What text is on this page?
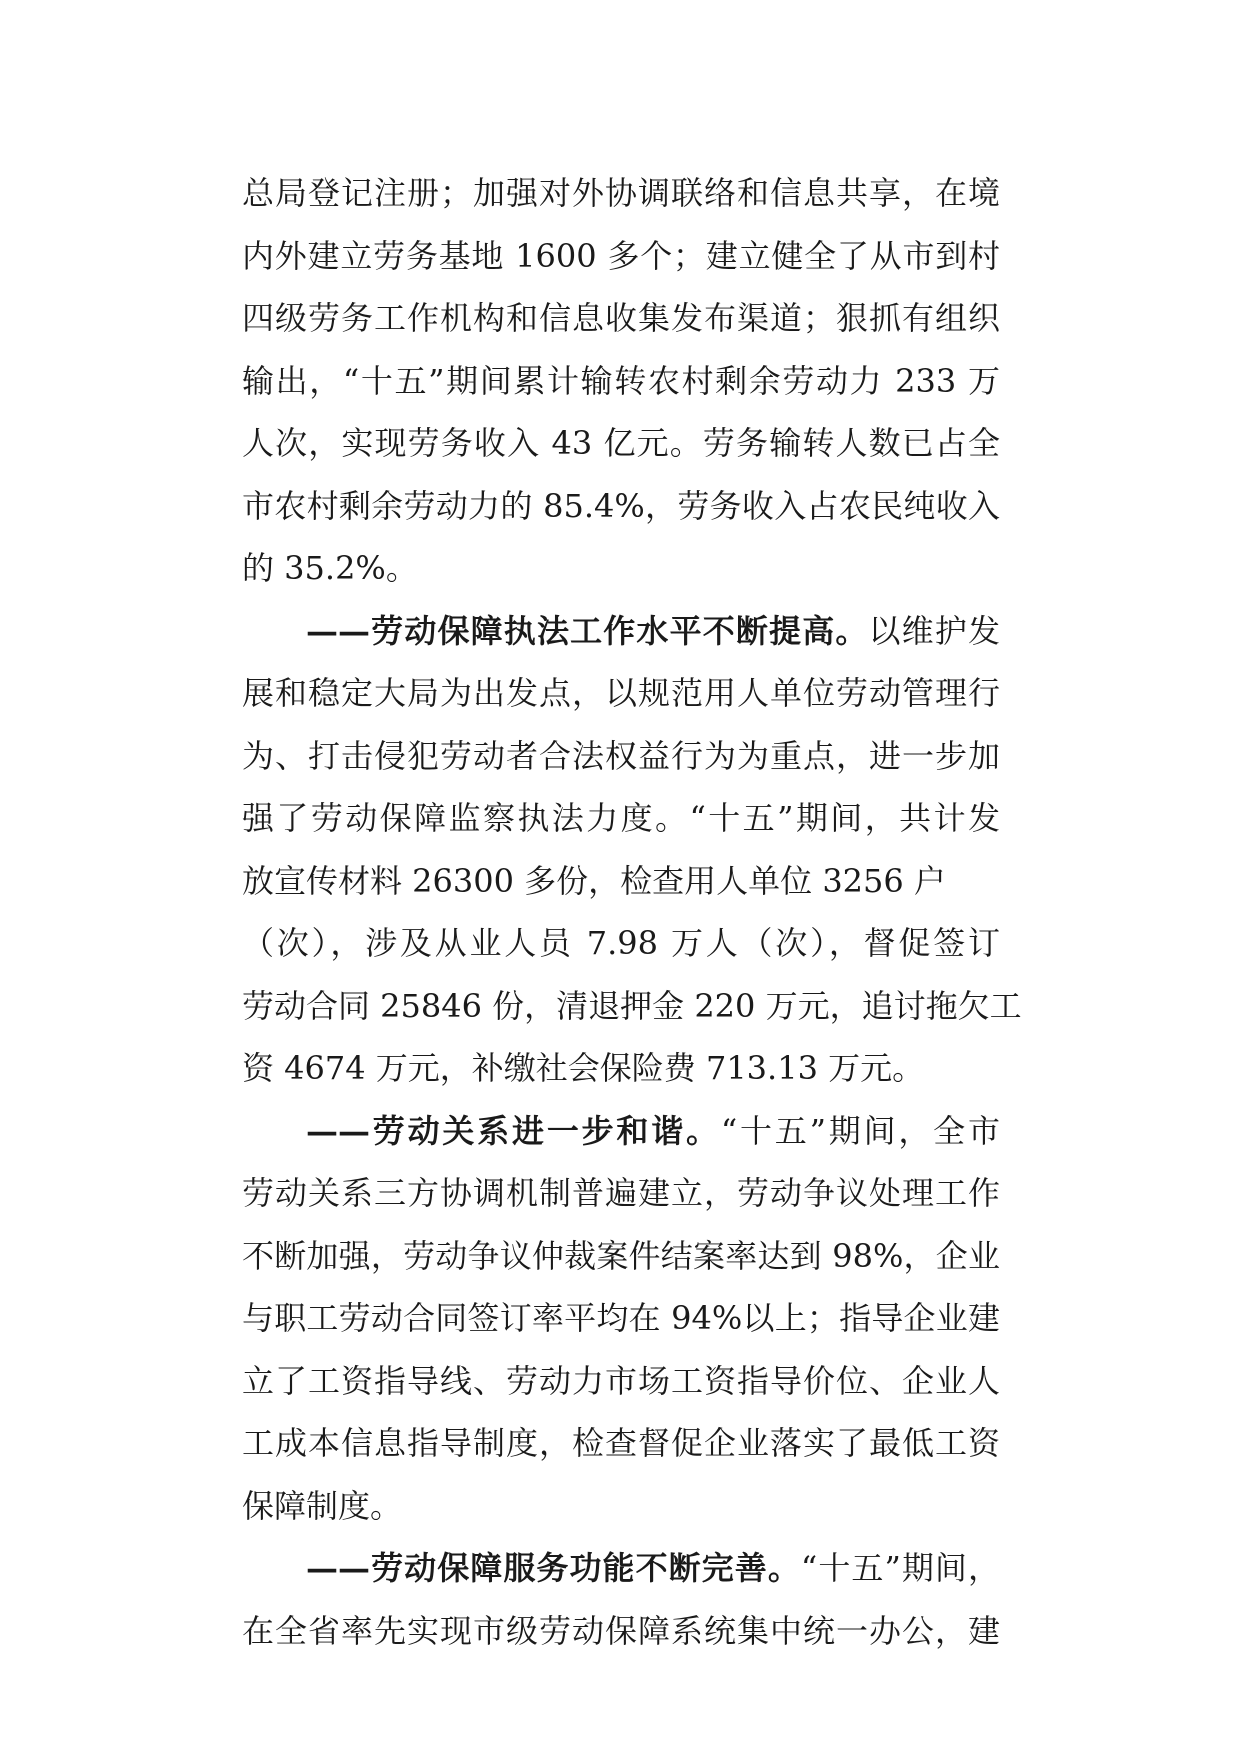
总局登记注册；加强对外协调联络和信息共享，在境
内外建立劳务基地 1600 多个；建立健全了从市到村
四级劳务工作机构和信息收集发布渠道；狠抓有组织
输出，“十五”期间累计输转农村剩余劳动力 233 万
人次，实现劳务收入 43 亿元。劳务输转人数已占全
市农村剩余劳动力的 85.4%，劳务收入占农民纯收入
的 35.2%。
——劳动保障执法工作水平不断提高。以维护发
展和稳定大局为出发点，以规范用人单位劳动管理行
为、打击侵犯劳动者合法权益行为为重点，进一步加
强了劳动保障监察执法力度。“十五”期间，共计发
放宣传材料 26300 多份，检查用人单位 3256 户
（次），涉及从业人员 7.98 万人（次），督促签订
劳动合同 25846 份，清退押金 220 万元，追讨拖欠工
资 4674 万元，补缴社会保险费 713.13 万元。
——劳动关系进一步和谐。“十五”期间，全市
劳动关系三方协调机制普遍建立，劳动争议处理工作
不断加强，劳动争议仲裁案件结案率达到 98%，企业
与职工劳动合同签订率平均在 94%以上；指导企业建
立了工资指导线、劳动力市场工资指导价位、企业人
工成本信息指导制度，检查督促企业落实了最低工资
保障制度。
——劳动保障服务功能不断完善。“十五”期间，
在全省率先实现市级劳动保障系统集中统一办公，建
